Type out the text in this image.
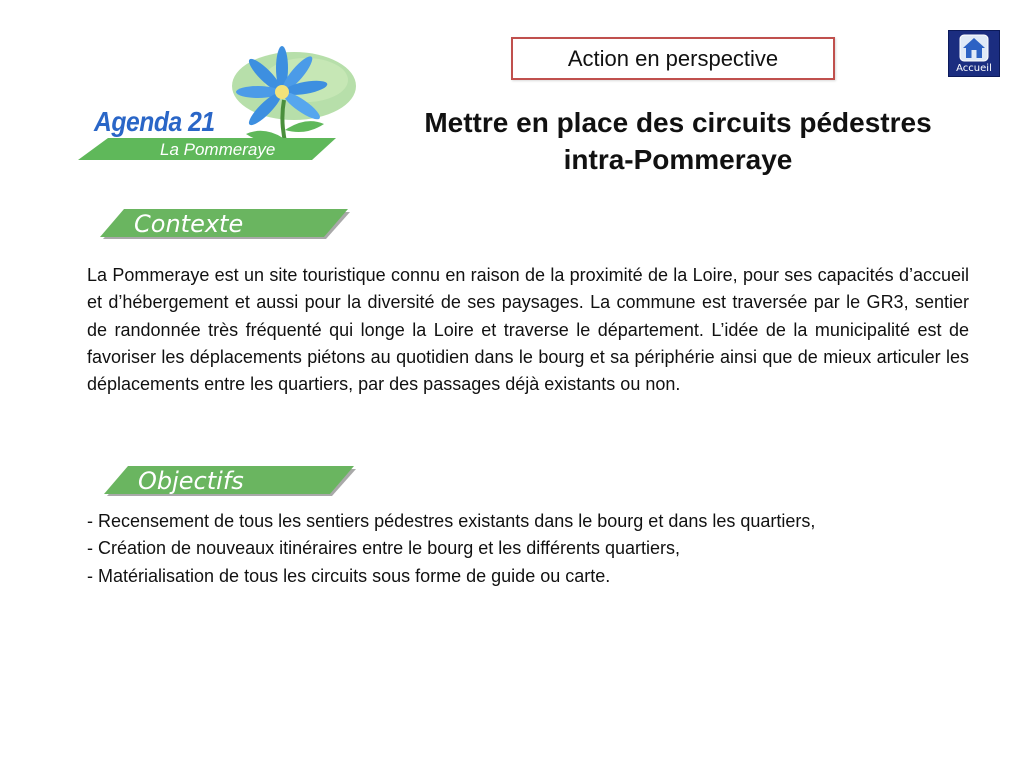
Agenda 21
La Pommeraye
Action en perspective	Accueil
Mettre en place des circuits pédestres intra-Pommeraye
Contexte
La Pommeraye est un site touristique connu en raison de la proximité de la Loire, pour ses capacités d’accueil et d’hébergement et aussi pour la diversité de ses paysages. La commune est traversée par le GR3, sentier de randonnée très fréquenté qui longe la Loire et traverse le département. L’idée de la municipalité est de favoriser les déplacements piétons au quotidien dans le bourg et sa périphérie ainsi que de mieux articuler les déplacements entre les quartiers, par des passages déjà existants ou non.
Objectifs
- Recensement de tous les sentiers pédestres existants dans le bourg et dans les quartiers,
- Création de nouveaux itinéraires entre le bourg et les différents quartiers,
- Matérialisation de tous les circuits sous forme de guide ou carte.
